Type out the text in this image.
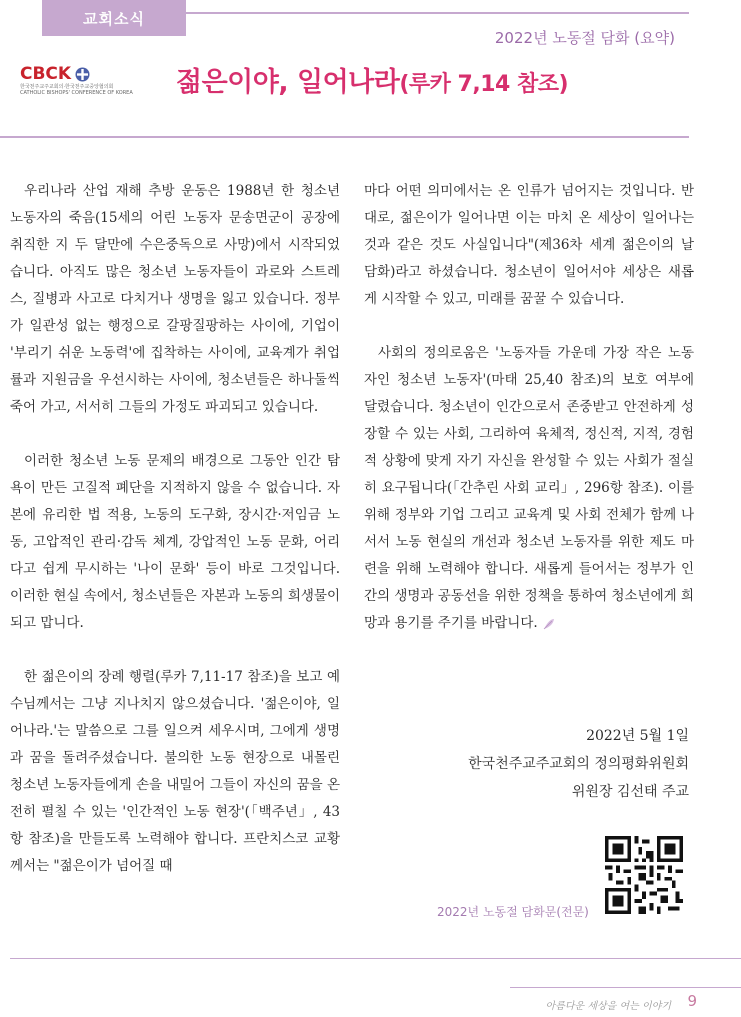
교회소식
2022년 노동절 담화 (요약)
CBCK
한국천주교주교회의·한국천주교중앙협의회
CATHOLIC BISHOPS' CONFERENCE OF KOREA	젊은이야, 일어나라(루카 7,14 참조)

우리나라 산업 재해 추방 운동은 1988년 한 청소년 노동자의 죽음(15세의 어린 노동자 문송면군이 공장에 취직한 지 두 달만에 수은중독으로 사망)에서 시작되었습니다. 아직도 많은 청소년 노동자들이 과로와 스트레스, 질병과 사고로 다치거나 생명을 잃고 있습니다. 정부가 일관성 없는 행정으로 갈팡질팡하는 사이에, 기업이 '부리기 쉬운 노동력'에 집착하는 사이에, 교육계가 취업률과 지원금을 우선시하는 사이에, 청소년들은 하나둘씩 죽어 가고, 서서히 그들의 가정도 파괴되고 있습니다.

이러한 청소년 노동 문제의 배경으로 그동안 인간 탐욕이 만든 고질적 폐단을 지적하지 않을 수 없습니다. 자본에 유리한 법 적용, 노동의 도구화, 장시간·저임금 노동, 고압적인 관리·감독 체계, 강압적인 노동 문화, 어리다고 쉽게 무시하는 '나이 문화' 등이 바로 그것입니다. 이러한 현실 속에서, 청소년들은 자본과 노동의 희생물이 되고 맙니다.

한 젊은이의 장례 행렬(루카 7,11-17 참조)을 보고 예수님께서는 그냥 지나치지 않으셨습니다. '젊은이야, 일어나라.'는 말씀으로 그를 일으켜 세우시며, 그에게 생명과 꿈을 돌려주셨습니다. 불의한 노동 현장으로 내몰린 청소년 노동자들에게 손을 내밀어 그들이 자신의 꿈을 온전히 펼칠 수 있는 '인간적인 노동 현장'(「백주년」, 43항 참조)을 만들도록 노력해야 합니다. 프란치스코 교황께서는 "젊은이가 넘어질 때

마다 어떤 의미에서는 온 인류가 넘어지는 것입니다. 반대로, 젊은이가 일어나면 이는 마치 온 세상이 일어나는 것과 같은 것도 사실입니다"(제36차 세계 젊은이의 날 담화)라고 하셨습니다. 청소년이 일어서야 세상은 새롭게 시작할 수 있고, 미래를 꿈꿀 수 있습니다.

사회의 정의로움은 '노동자들 가운데 가장 작은 노동자인 청소년 노동자'(마태 25,40 참조)의 보호 여부에 달렸습니다. 청소년이 인간으로서 존중받고 안전하게 성장할 수 있는 사회, 그리하여 육체적, 정신적, 지적, 경험적 상황에 맞게 자기 자신을 완성할 수 있는 사회가 절실히 요구됩니다(「간추린 사회 교리」, 296항 참조). 이를 위해 정부와 기업 그리고 교육계 및 사회 전체가 함께 나서서 노동 현실의 개선과 청소년 노동자를 위한 제도 마련을 위해 노력해야 합니다. 새롭게 들어서는 정부가 인간의 생명과 공동선을 위한 정책을 통하여 청소년에게 희망과 용기를 주기를 바랍니다.

2022년 5월 1일
한국천주교주교회의 정의평화위원회
위원장 김선태 주교
2022년 노동절 담화문(전문)
아름다운 세상을 여는 이야기	9
